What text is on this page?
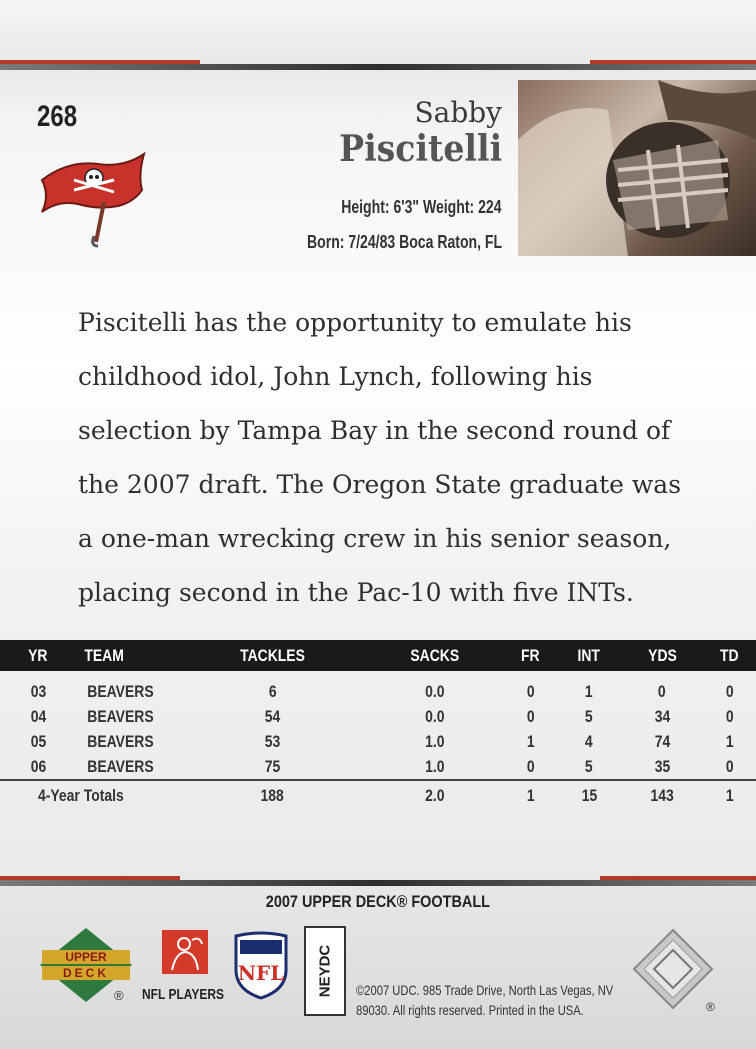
268	Sabby
Piscitelli
Height: 6'3" Weight: 224
Born: 7/24/83 Boca Raton, FL
Piscitelli has the opportunity to emulate his
childhood idol, John Lynch, following his
selection by Tampa Bay in the second round of
the 2007 draft. The Oregon State graduate was
a one-man wrecking crew in his senior season,
placing second in the Pac-10 with five INTs.
YR	TEAM	TACKLES	SACKS	FR	INT	YDS	TD

03	BEAVERS	6	0.0	0	1	0	0
04	BEAVERS	54	0.0	0	5	34	0
05	BEAVERS	53	1.0	1	4	74	1
06	BEAVERS	75	1.0	0	5	35	0
4-Year Totals		188	2.0	1	15	143	1
2007 UPPER DECK® FOOTBALL
UPPER
DECK
® NFL PLAYERS
NFL NEYDC ©2007 UDC. 985 Trade Drive, North Las Vegas, NV
89030. All rights reserved. Printed in the USA.	®
